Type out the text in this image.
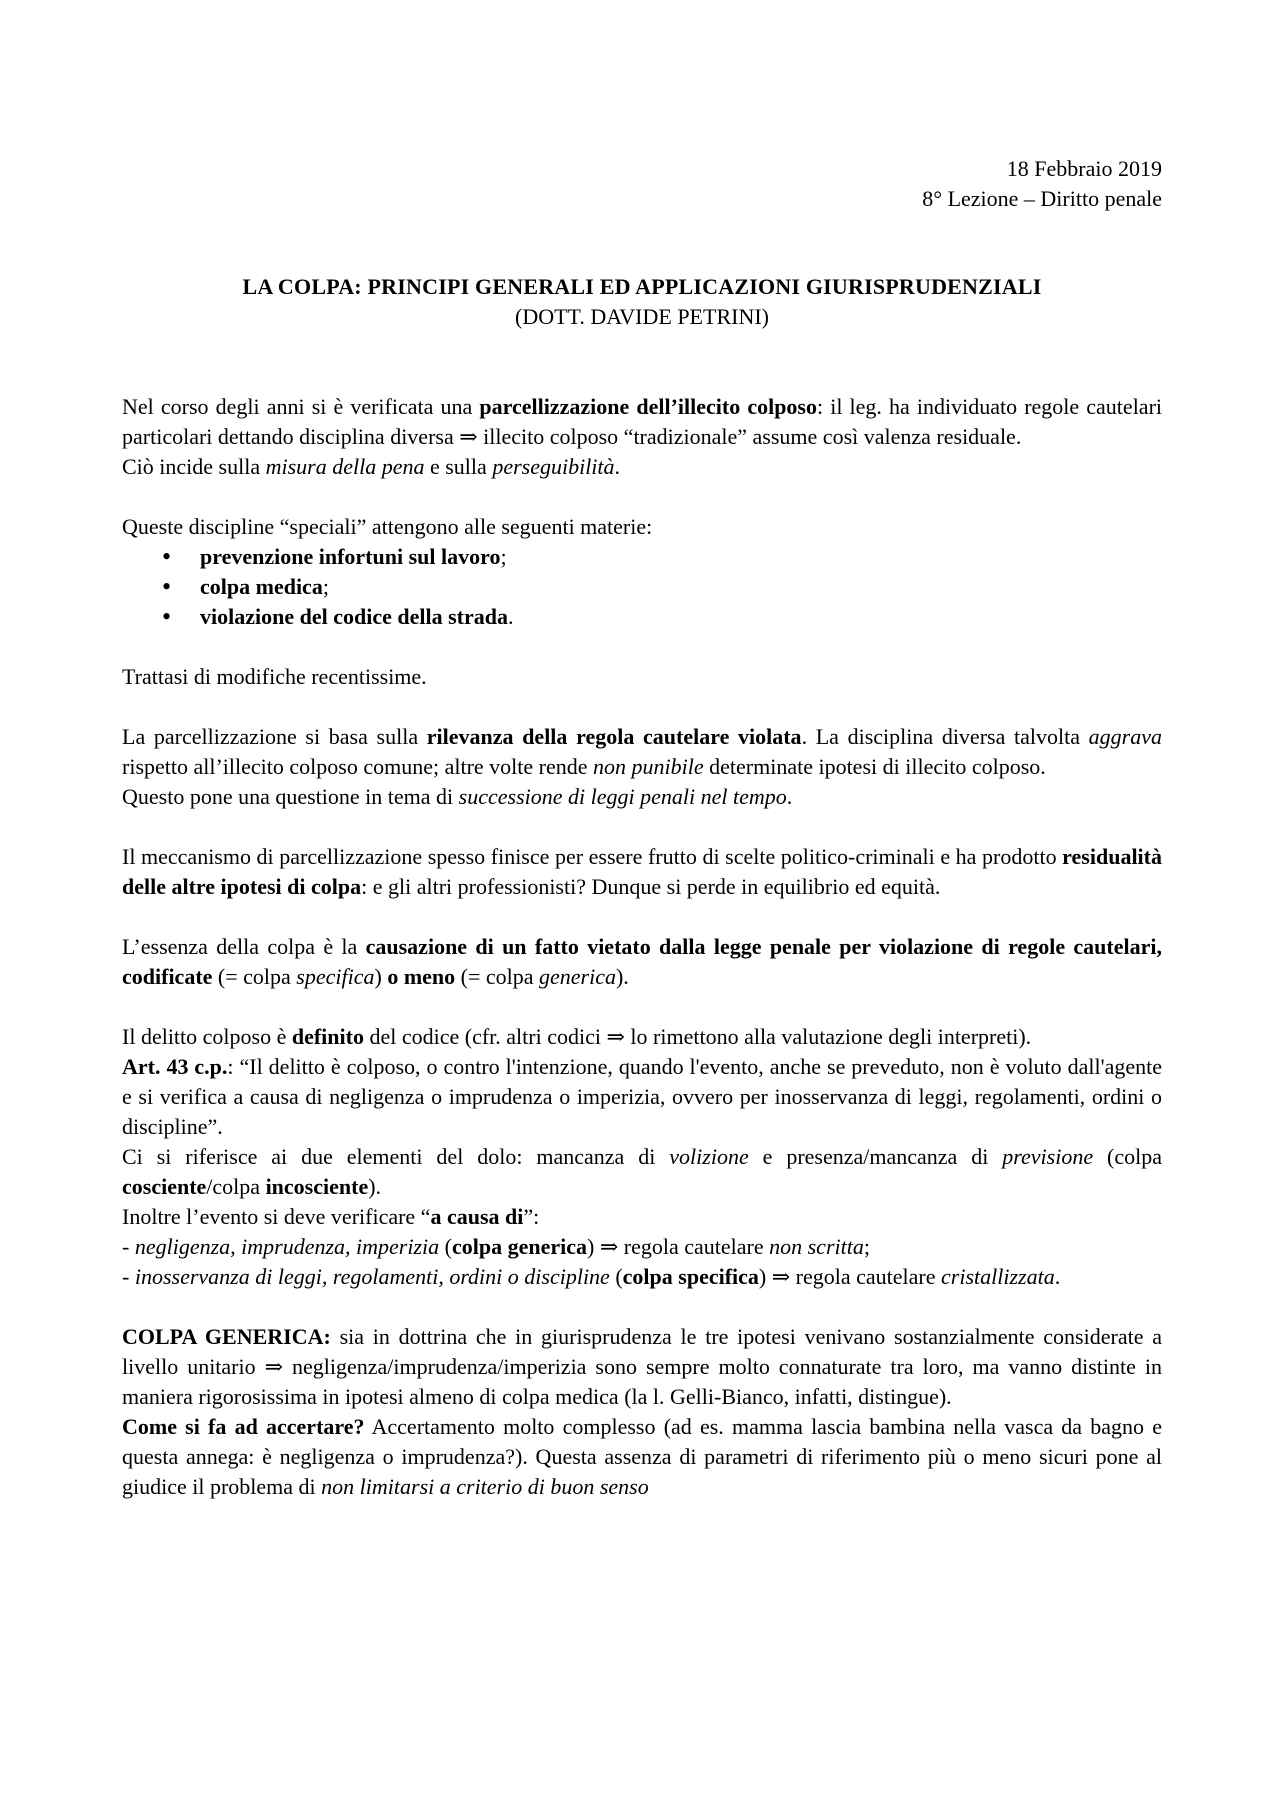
18 Febbraio 2019
8° Lezione – Diritto penale
LA COLPA: PRINCIPI GENERALI ED APPLICAZIONI GIURISPRUDENZIALI
(DOTT. DAVIDE PETRINI)

Nel corso degli anni si è verificata una parcellizzazione dell’illecito colposo: il leg. ha individuato regole cautelari particolari dettando disciplina diversa ⇒ illecito colposo “tradizionale” assume così valenza residuale.

Ciò incide sulla misura della pena e sulla perseguibilità.

Queste discipline “speciali” attengono alle seguenti materie:

• prevenzione infortuni sul lavoro;
• colpa medica;
• violazione del codice della strada.

Trattasi di modifiche recentissime.

La parcellizzazione si basa sulla rilevanza della regola cautelare violata. La disciplina diversa talvolta aggrava rispetto all’illecito colposo comune; altre volte rende non punibile determinate ipotesi di illecito colposo.

Questo pone una questione in tema di successione di leggi penali nel tempo.

Il meccanismo di parcellizzazione spesso finisce per essere frutto di scelte politico-criminali e ha prodotto residualità delle altre ipotesi di colpa: e gli altri professionisti? Dunque si perde in equilibrio ed equità.

L’essenza della colpa è la causazione di un fatto vietato dalla legge penale per violazione di regole cautelari, codificate (= colpa specifica) o meno (= colpa generica).

Il delitto colposo è definito del codice (cfr. altri codici ⇒ lo rimettono alla valutazione degli interpreti).

Art. 43 c.p.: “Il delitto è colposo, o contro l'intenzione, quando l'evento, anche se preveduto, non è voluto dall'agente e si verifica a causa di negligenza o imprudenza o imperizia, ovvero per inosservanza di leggi, regolamenti, ordini o discipline”.

Ci si riferisce ai due elementi del dolo: mancanza di volizione e presenza/mancanza di previsione (colpa cosciente/colpa incosciente).

Inoltre l’evento si deve verificare “a causa di”:

- negligenza, imprudenza, imperizia (colpa generica) ⇒ regola cautelare non scritta;

- inosservanza di leggi, regolamenti, ordini o discipline (colpa specifica) ⇒ regola cautelare cristallizzata.

COLPA GENERICA: sia in dottrina che in giurisprudenza le tre ipotesi venivano sostanzialmente considerate a livello unitario ⇒ negligenza/imprudenza/imperizia sono sempre molto connaturate tra loro, ma vanno distinte in maniera rigorosissima in ipotesi almeno di colpa medica (la l. Gelli-Bianco, infatti, distingue).

Come si fa ad accertare? Accertamento molto complesso (ad es. mamma lascia bambina nella vasca da bagno e questa annega: è negligenza o imprudenza?). Questa assenza di parametri di riferimento più o meno sicuri pone al giudice il problema di non limitarsi a criterio di buon senso
